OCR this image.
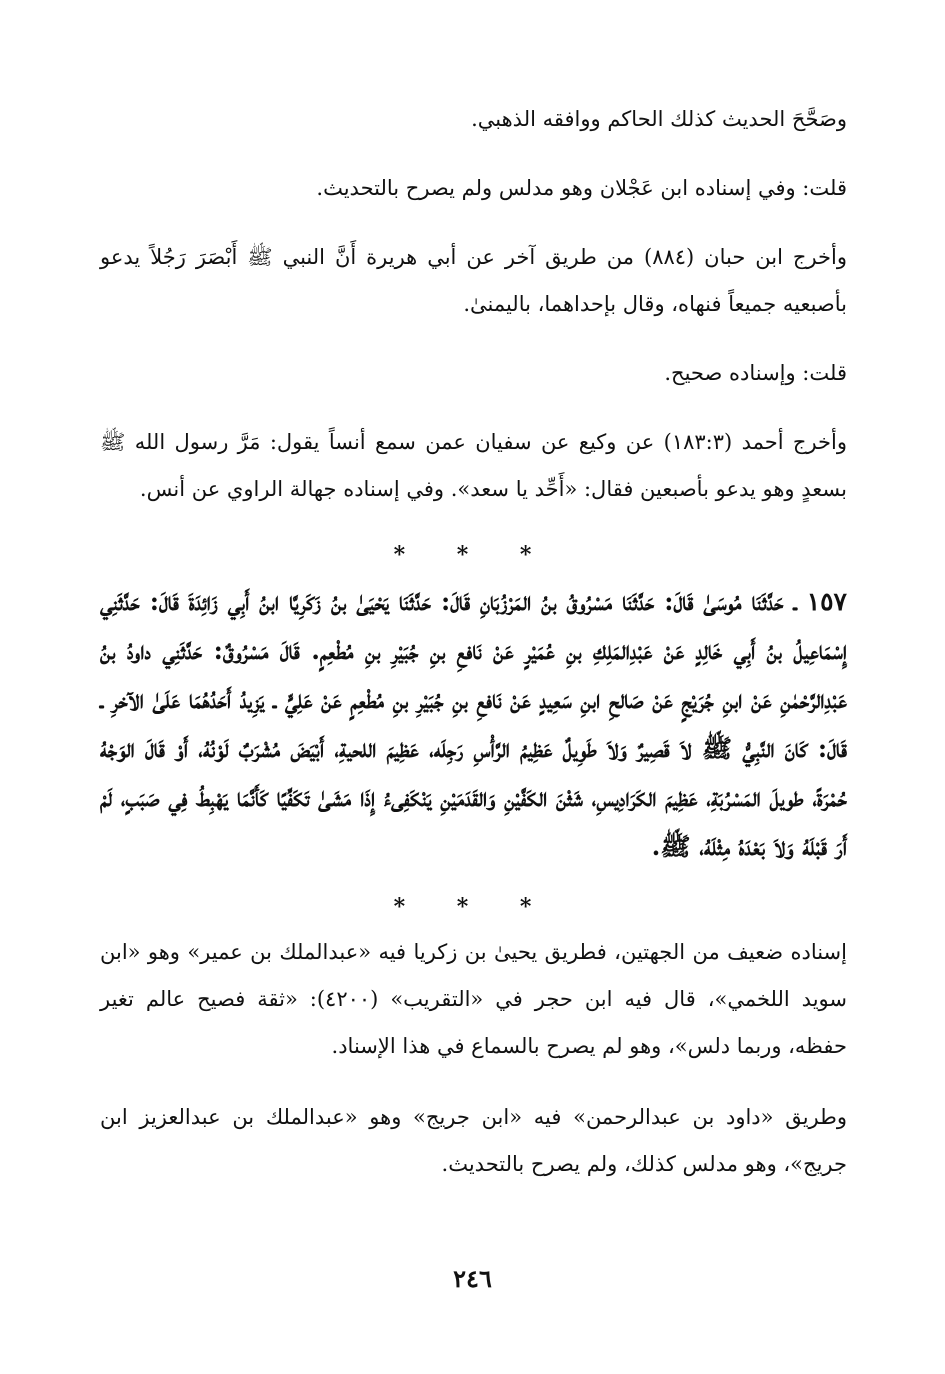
وصَحَّحَ الحديث كذلك الحاكم ووافقه الذهبي.

قلت: وفي إسناده ابن عَجْلان وهو مدلس ولم يصرح بالتحديث.

وأخرج ابن حبان (٨٨٤) من طريق آخر عن أبي هريرة أَنَّ النبي ﷺ أَبْصَرَ رَجُلاً يدعو بأصبعيه جميعاً فنهاه، وقال بإحداهما، باليمنىٰ.

قلت: وإسناده صحيح.

وأخرج أحمد (١٨٣:٣) عن وكيع عن سفيان عمن سمع أنساً يقول: مَرَّ رسول الله ﷺ بسعدٍ وهو يدعو بأصبعين فقال: «أَحِّد يا سعد». وفي إسناده جهالة الراوي عن أنس.

* * *

١٥٧ ـ حَدَّثَنَا مُوسَىٰ قَالَ: حَدَّثَنَا مَسْرُوقُ بنُ المَرْزُبَانِ قَالَ: حَدَّثَنَا يَحْيَىٰ بنُ زَكَرِيَّا ابنُ أَبِي زَائِدَةَ قَالَ: حَدَّثَنِي إِسْمَاعِيلُ بنُ أَبِي خَالِدٍ عَنْ عَبْدِالمَلِكِ بنِ عُمَيْرٍ عَنْ نَافعِ بنِ جُبَيْرِ بنِ مُطْعِمٍ. قَالَ مَسْرُوقٌ: حَدَّثَنِي داودُ بنُ عَبْدِالرَّحْمٰنِ عَنْ ابنِ جُرَيْجٍ عَنْ صَالحِ ابنِ سَعِيدٍ عَنْ نَافعِ بنِ جُبَيْرِ بنِ مُطْعِمٍ عَنْ عَلِيٍّ ـ يَزِيدُ أَحَدُهُمَا عَلَىٰ الآخرِ ـ قَالَ: كَانَ النَّبِيُّ ﷺ لاَ قَصِيرٌ وَلاَ طَوِيلٌ عَظِيمُ الرَّأْسِ رَجِلَه، عَظِيمَ اللحيةِ، أَبْيَضَ مُشْرَبٌ لَوْنُهُ، أَوْ قَالَ الوَجْهُ حُمْرَةً، طويلَ المَسْرُبَةِ، عَظِيمَ الكَرَادِيسِ، شَثْنَ الكَفَّيْنِ وَالقَدَمَيْنِ يَنْكَفِىءُ إِذَا مَشَىٰ تَكَفِّيًا كَأَنَّمَا يَهْبِطُ فِي صَبَبٍ، لَمْ أَرَ قَبْلَهُ وَلاَ بَعْدَهُ مِثْلَهُ، ﷺ.

* * *

إسناده ضعيف من الجهتين، فطريق يحيىٰ بن زكريا فيه «عبدالملك بن عمير» وهو «ابن سويد اللخمي»، قال فيه ابن حجر في «التقريب» (٤٢٠٠): «ثقة فصيح عالم تغير حفظه، وربما دلس»، وهو لم يصرح بالسماع في هذا الإسناد.

وطريق «داود بن عبدالرحمن» فيه «ابن جريج» وهو «عبدالملك بن عبدالعزيز ابن جريج»، وهو مدلس كذلك، ولم يصرح بالتحديث.

٢٤٦
